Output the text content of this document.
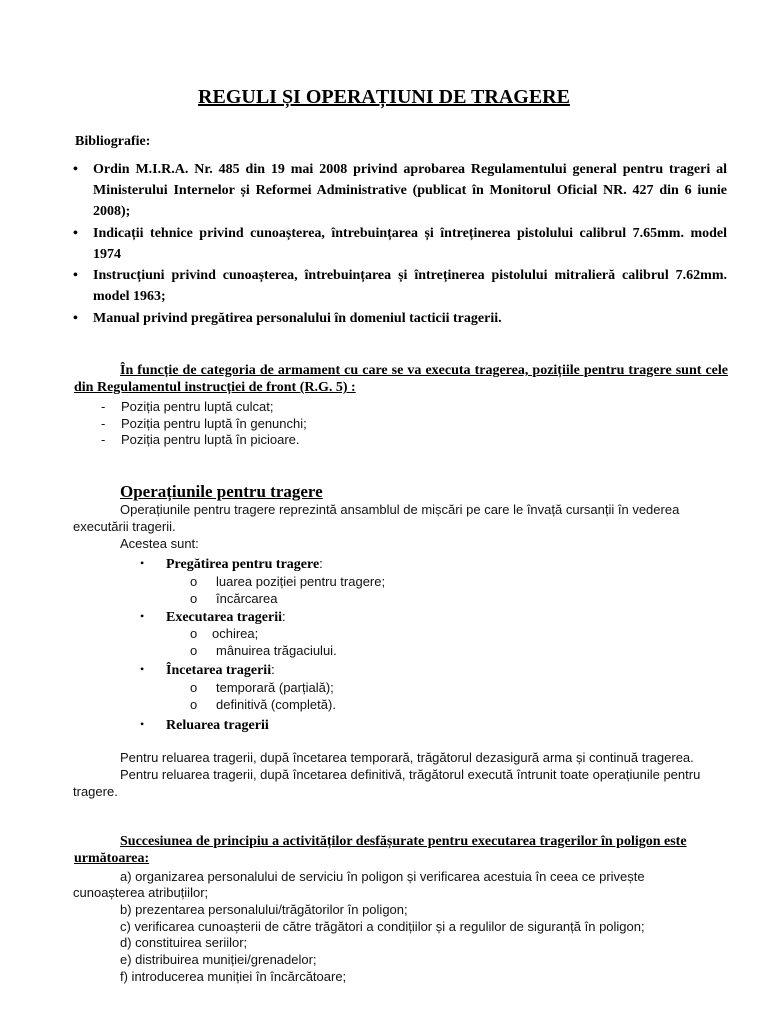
REGULI ȘI OPERAȚIUNI DE TRAGERE
Bibliografie:
• Ordin M.I.R.A. Nr. 485 din 19 mai 2008 privind aprobarea Regulamentului general pentru trageri al Ministerului Internelor și Reformei Administrative (publicat în Monitorul Oficial NR. 427 din 6 iunie 2008);
• Indicații tehnice privind cunoașterea, întrebuințarea și întreținerea pistolului calibrul 7.65mm. model 1974
• Instrucțiuni privind cunoașterea, întrebuințarea și întreținerea pistolului mitralieră calibrul 7.62mm. model 1963;
• Manual privind pregătirea personalului în domeniul tacticii tragerii.
În funcție de categoria de armament cu care se va executa tragerea, pozițiile pentru tragere sunt cele din Regulamentul instrucției de front (R.G. 5) :
- Poziția pentru luptă culcat;
- Poziția pentru luptă în genunchi;
- Poziția pentru luptă în picioare.
Operațiunile pentru tragere
Operațiunile pentru tragere reprezintă ansamblul de mișcări pe care le învață cursanții în vederea executării tragerii.
Acestea sunt:
• Pregătirea pentru tragere:
o luarea poziției pentru tragere;
o încărcarea
• Executarea tragerii:
o ochirea;
o mânuirea trăgaciului.
• Încetarea tragerii:
o temporară (parțială);
o definitivă (completă).
• Reluarea tragerii
Pentru reluarea tragerii, după încetarea temporară, trăgătorul dezasigură arma și continuă tragerea.
Pentru reluarea tragerii, după încetarea definitivă, trăgătorul execută întrunit toate operațiunile pentru tragere.
Succesiunea de principiu a activităților desfășurate pentru executarea tragerilor în poligon este următoarea:
a) organizarea personalului de serviciu în poligon și verificarea acestuia în ceea ce privește
cunoașterea atribuțiilor;
b) prezentarea personalului/trăgătorilor în poligon;
c) verificarea cunoașterii de către trăgători a condițiilor și a regulilor de siguranță în poligon;
d) constituirea seriilor;
e) distribuirea muniției/grenadelor;
f) introducerea muniției în încărcătoare;
